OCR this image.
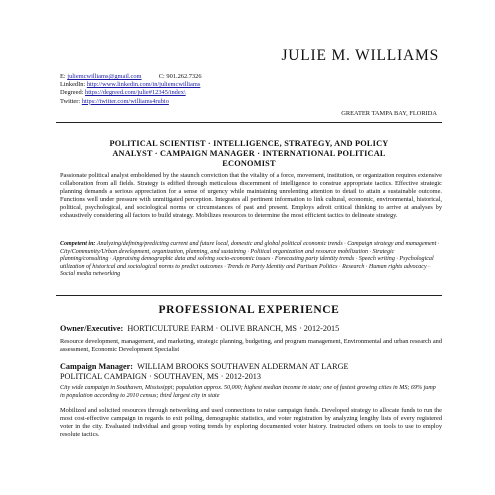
JULIE M. WILLIAMS
E: juliemcwilliams@gmail.com	C: 901.262.7326
LinkedIn: http://www.linkedin.com/in/juliemcwilliams
Degreed: https://degreed.com/julie#12345/index\
Twitter: https://twitter.com/williams4rubio
GREATER TAMPA BAY, FLORIDA
POLITICAL SCIENTIST · INTELLIGENCE, STRATEGY, AND POLICY
ANALYST · CAMPAIGN MANAGER · INTERNATIONAL POLITICAL
ECONOMIST
Passionate political analyst emboldened by the staunch conviction that the vitality of a force, movement, institution, or organization requires extensive collaboration from all fields. Strategy is edified through meticulous discernment of intelligence to construe appropriate tactics. Effective strategic planning demands a serious appreciation for a sense of urgency while maintaining unrelenting attention to detail to attain a sustainable outcome. Functions well under pressure with unmitigated perception. Integrates all pertinent information to link cultural, economic, environmental, historical, political, psychological, and sociological norms or circumstances of past and present. Employs adroit critical thinking to arrive at analyses by exhaustively considering all factors to build strategy. Mobilizes resources to determine the most efficient tactics to delineate strategy.
Competent in: Analyzing/defining/predicting current and future local, domestic and global political economic trends · Campaign strategy and management · City/Community/Urban development, organization, planning, and sustaining · Political organization and resource mobilization · Strategic planning/consulting · Appraising demographic data and solving socio-economic issues · Forecasting party identity trends · Speech writing · Psychological utilization of historical and sociological norms to predict outcomes · Trends in Party Identity and Partisan Politics · Research · Human rights advocacy · Social media networking
PROFESSIONAL EXPERIENCE
Owner/Executive: HORTICULTURE FARM · OLIVE BRANCH, MS · 2012-2015
Resource development, management, and marketing, strategic planning, budgeting, and program management, Environmental and urban research and assessment, Economic Development Specialist
Campaign Manager: WILLIAM BROOKS SOUTHAVEN ALDERMAN AT LARGE
POLITICAL CAMPAIGN · SOUTHAVEN, MS · 2012-2013
City wide campaign in Southaven, Mississippi; population approx. 50,000; highest median income in state; one of fastest growing cities in MS; 69% jump in population according to 2010 census; third largest city in state
Mobilized and solicited resources through networking and used connections to raise campaign funds. Developed strategy to allocate funds to run the most cost-effective campaign in regards to exit polling, demographic statistics, and voter registration by analyzing lengthy lists of every registered voter in the city. Evaluated individual and group voting trends by exploring documented voter history. Instructed others on tools to use to employ resolute tactics.
